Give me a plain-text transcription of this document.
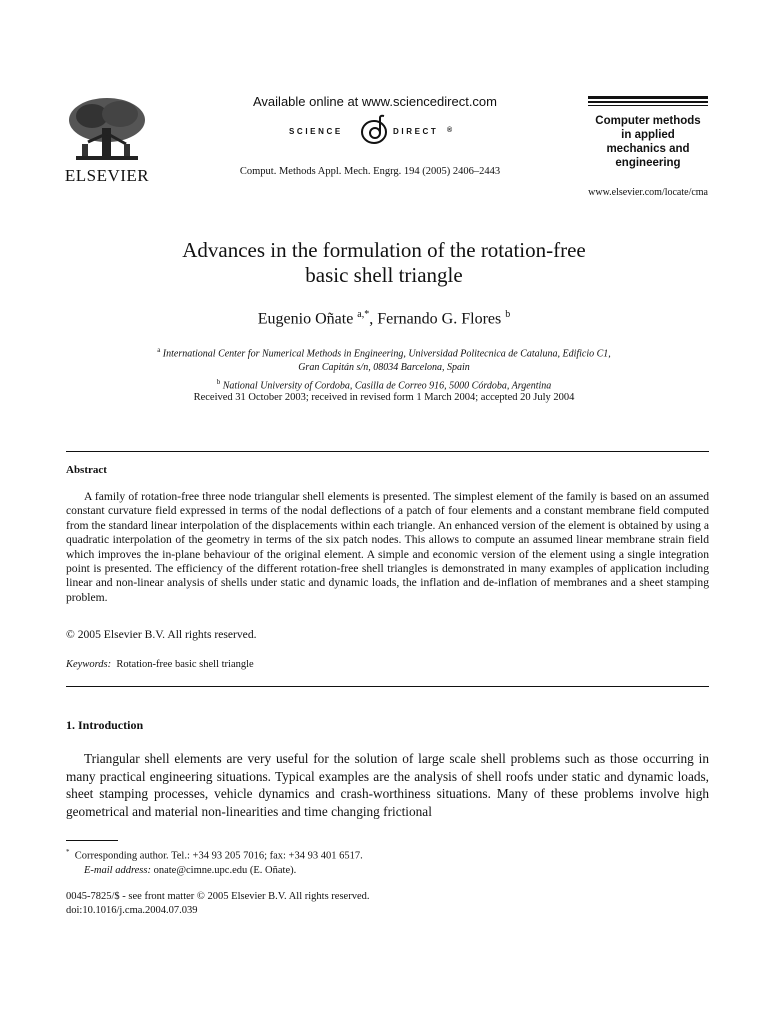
ELSEVIER
Available online at www.sciencedirect.com
SCIENCE	DIRECT ®
Comput. Methods Appl. Mech. Engrg. 194 (2005) 2406–2443
Computer methods
in applied
mechanics and
engineering
www.elsevier.com/locate/cma
Advances in the formulation of the rotation-free
basic shell triangle
Eugenio Oñate $^{a,*}$, Fernando G. Flores $^b$
$^a$ International Center for Numerical Methods in Engineering, Universidad Politecnica de Cataluna, Edificio C1,
Gran Capitán s/n, 08034 Barcelona, Spain
$^b$ National University of Cordoba, Casilla de Correo 916, 5000 Córdoba, Argentina
Received 31 October 2003; received in revised form 1 March 2004; accepted 20 July 2004
Abstract
A family of rotation-free three node triangular shell elements is presented. The simplest element of the family is based on an assumed constant curvature field expressed in terms of the nodal deflections of a patch of four elements and a constant membrane field computed from the standard linear interpolation of the displacements within each triangle. An enhanced version of the element is obtained by using a quadratic interpolation of the geometry in terms of the six patch nodes. This allows to compute an assumed linear membrane strain field which improves the in-plane behaviour of the original element. A simple and economic version of the element using a single integration point is presented. The efficiency of the different rotation-free shell triangles is demonstrated in many examples of application including linear and non-linear analysis of shells under static and dynamic loads, the inflation and de-inflation of membranes and a sheet stamping problem.
© 2005 Elsevier B.V. All rights reserved.
Keywords: Rotation-free basic shell triangle
1. Introduction
Triangular shell elements are very useful for the solution of large scale shell problems such as those occurring in many practical engineering situations. Typical examples are the analysis of shell roofs under static and dynamic loads, sheet stamping processes, vehicle dynamics and crash-worthiness situations. Many of these problems involve high geometrical and material non-linearities and time changing frictional
* Corresponding author. Tel.: +34 93 205 7016; fax: +34 93 401 6517.
E-mail address: onate@cimne.upc.edu (E. Oñate).
0045-7825/$ - see front matter © 2005 Elsevier B.V. All rights reserved.
doi:10.1016/j.cma.2004.07.039
